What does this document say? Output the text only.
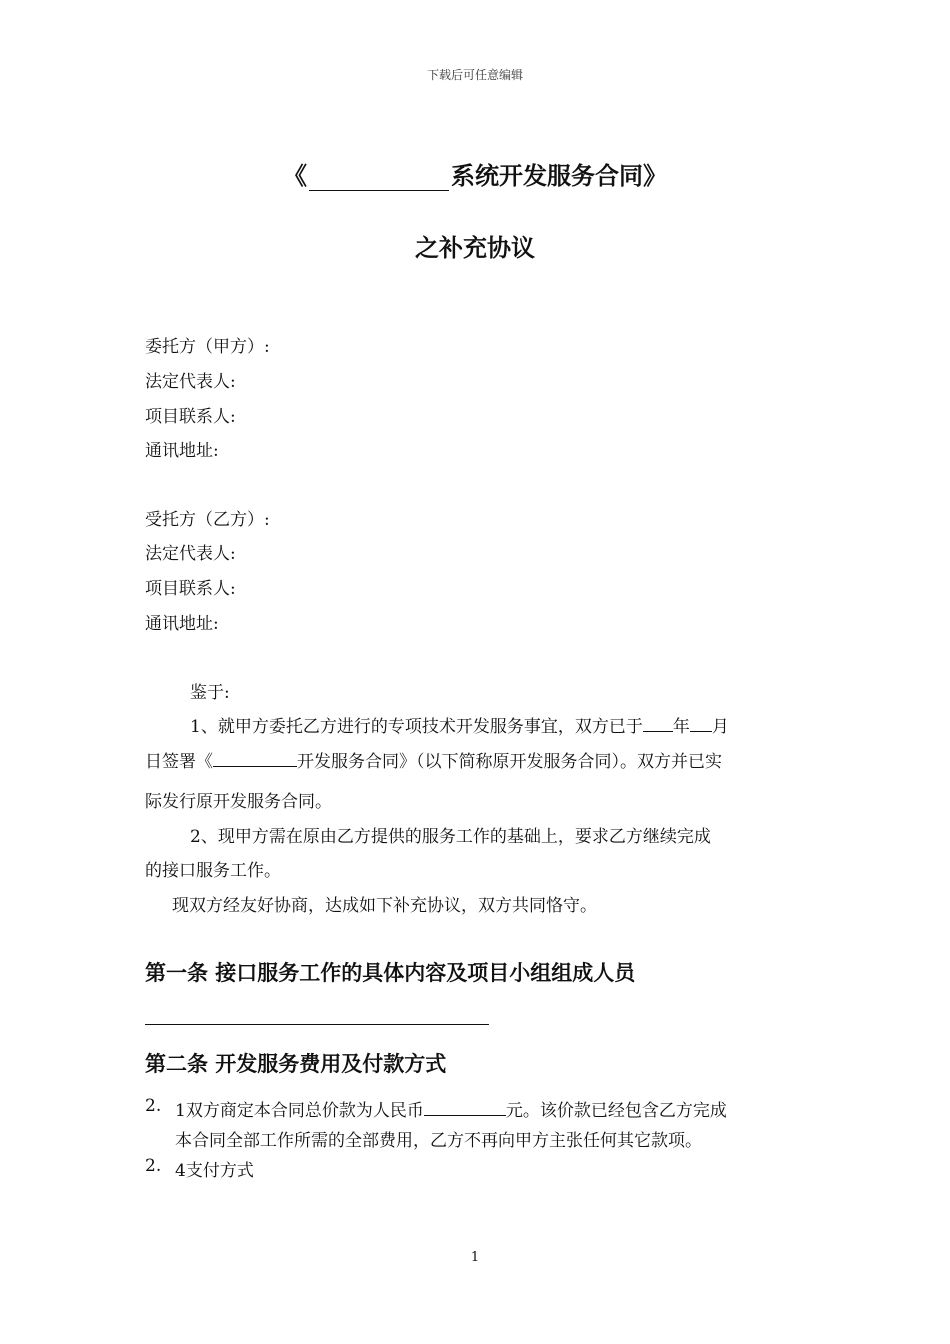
下载后可任意编辑
《	系统开发服务合同》
之补充协议
委托方（甲方）:
法定代表人:
项目联系人:
通讯地址:
受托方（乙方）:
法定代表人:
项目联系人:
通讯地址:
鉴于:
1、就甲方委托乙方进行的专项技术开发服务事宜，双方已于 年 月
日签署《	开发服务合同》（以下简称原开发服务合同）。双方并已实
际发行原开发服务合同。
2、现甲方需在原由乙方提供的服务工作的基础上，要求乙方继续完成
的接口服务工作。
现双方经友好协商，达成如下补充协议，双方共同恪守。
第一条 接口服务工作的具体内容及项目小组组成人员
第二条 开发服务费用及付款方式
2. 1双方商定本合同总价款为人民币	元。该价款已经包含乙方完成
本合同全部工作所需的全部费用，乙方不再向甲方主张任何其它款项。
2. 4支付方式
1
